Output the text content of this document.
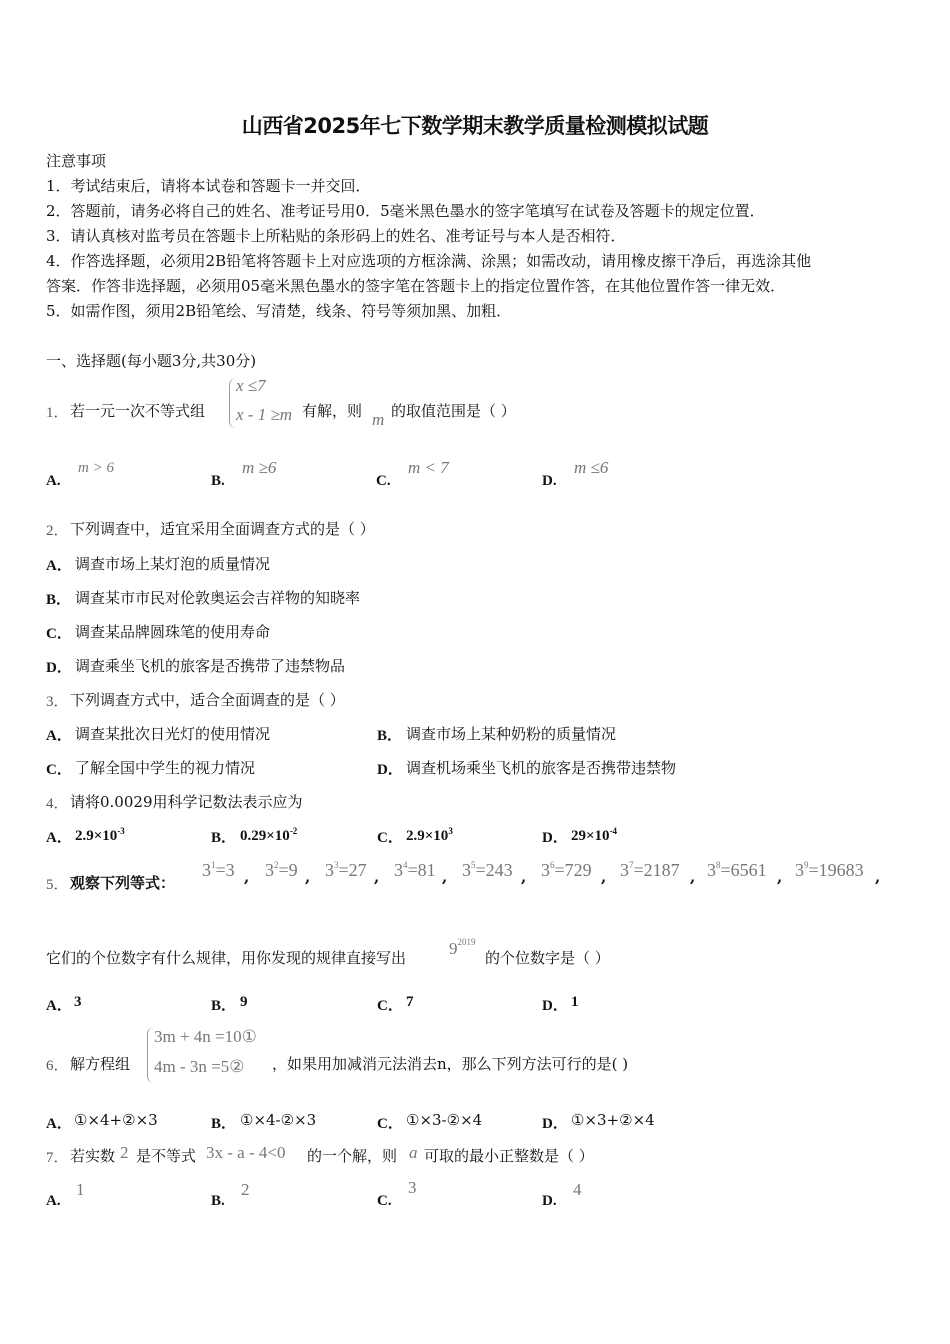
山西省2025年七下数学期末教学质量检测模拟试题
注意事项
1．考试结束后，请将本试卷和答题卡一并交回．
2．答题前，请务必将自己的姓名、准考证号用0．5毫米黑色墨水的签字笔填写在试卷及答题卡的规定位置．
3．请认真核对监考员在答题卡上所粘贴的条形码上的姓名、准考证号与本人是否相符．
4．作答选择题，必须用2B铅笔将答题卡上对应选项的方框涂满、涂黑；如需改动，请用橡皮擦干净后，再选涂其他
答案．作答非选择题，必须用05毫米黑色墨水的签字笔在答题卡上的指定位置作答，在其他位置作答一律无效．
5．如需作图，须用2B铅笔绘、写清楚，线条、符号等须加黑、加粗．
一、选择题(每小题3分,共30分)
1． 若一元一次不等式组
x ≤7
x - 1 ≥m 有解，则 m 的取值范围是（ ）
A.
m > 6
B.
m ≥6
C.
m < 7
D.
m ≤6
2． 下列调查中，适宜采用全面调查方式的是（ ）
A． 调查市场上某灯泡的质量情况
B． 调查某市市民对伦敦奥运会吉祥物的知晓率
C． 调查某品牌圆珠笔的使用寿命
D． 调查乘坐飞机的旅客是否携带了违禁物品
3． 下列调查方式中，适合全面调查的是（ ）
A． 调查某批次日光灯的使用情况	B． 调查市场上某种奶粉的质量情况
C． 了解全国中学生的视力情况	D． 调查机场乘坐飞机的旅客是否携带违禁物
4． 请将0.0029用科学记数法表示应为
A． $2.9\times 10^{-3}$	B． $0.29\times 10^{-2}$	C． $2.9\times 10^3$	D． $29\times 10^{-4}$
5． 观察下列等式：
$3^1=3$ , $3^2=9$ , $3^3=27$ , $3^4=81$ , $3^5=243$ , $3^6=729$ , $3^7=2187$ , $3^8=6561$ , $3^9=19683$ ,
它们的个位数字有什么规律，用你发现的规律直接写出	$9^{2019}$
的个位数字是（ ）
A． 3	B． 9	C． 7	D． 1
6． 解方程组
3m + 4n =10①
4m - 3n =5② ，如果用加减消元法消去n，那么下列方法可行的是( )
A． ①×4+②×3	B． ①×4-②×3	C． ①×3-②×4	D． ①×3+②×4
7． 若实数 2 是不等式 3x - a - 4<0 的一个解，则 a 可取的最小正整数是（ ）
A.
1
B.
2
C.
3
D.
4
